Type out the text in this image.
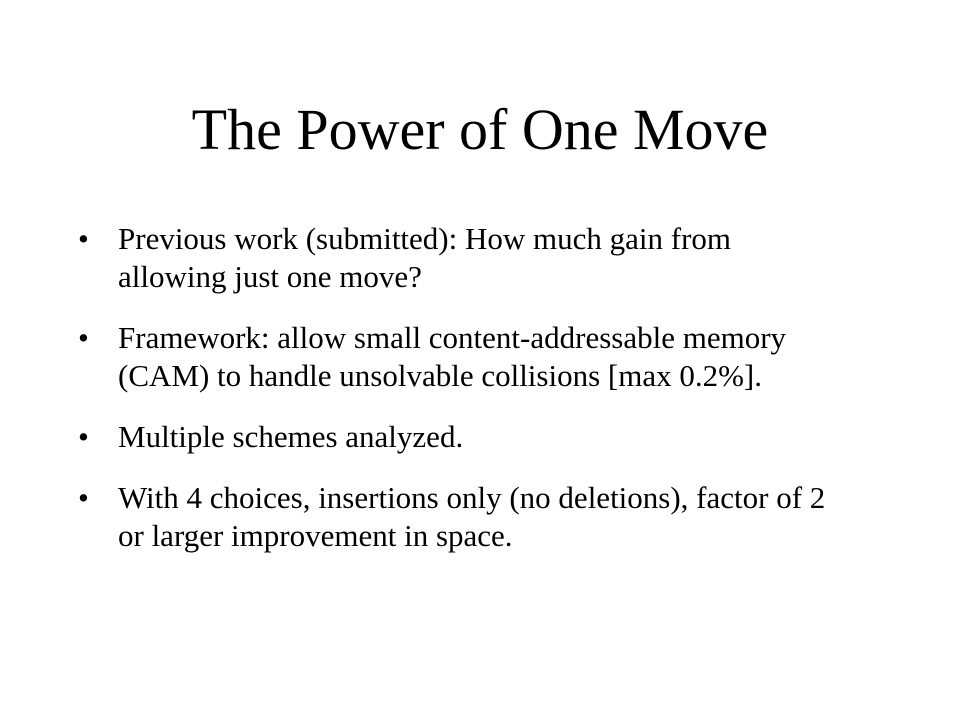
The Power of One Move
• Previous work (submitted): How much gain from allowing just one move?
• Framework: allow small content-addressable memory (CAM) to handle unsolvable collisions [max 0.2%].
• Multiple schemes analyzed.
• With 4 choices, insertions only (no deletions), factor of 2 or larger improvement in space.
